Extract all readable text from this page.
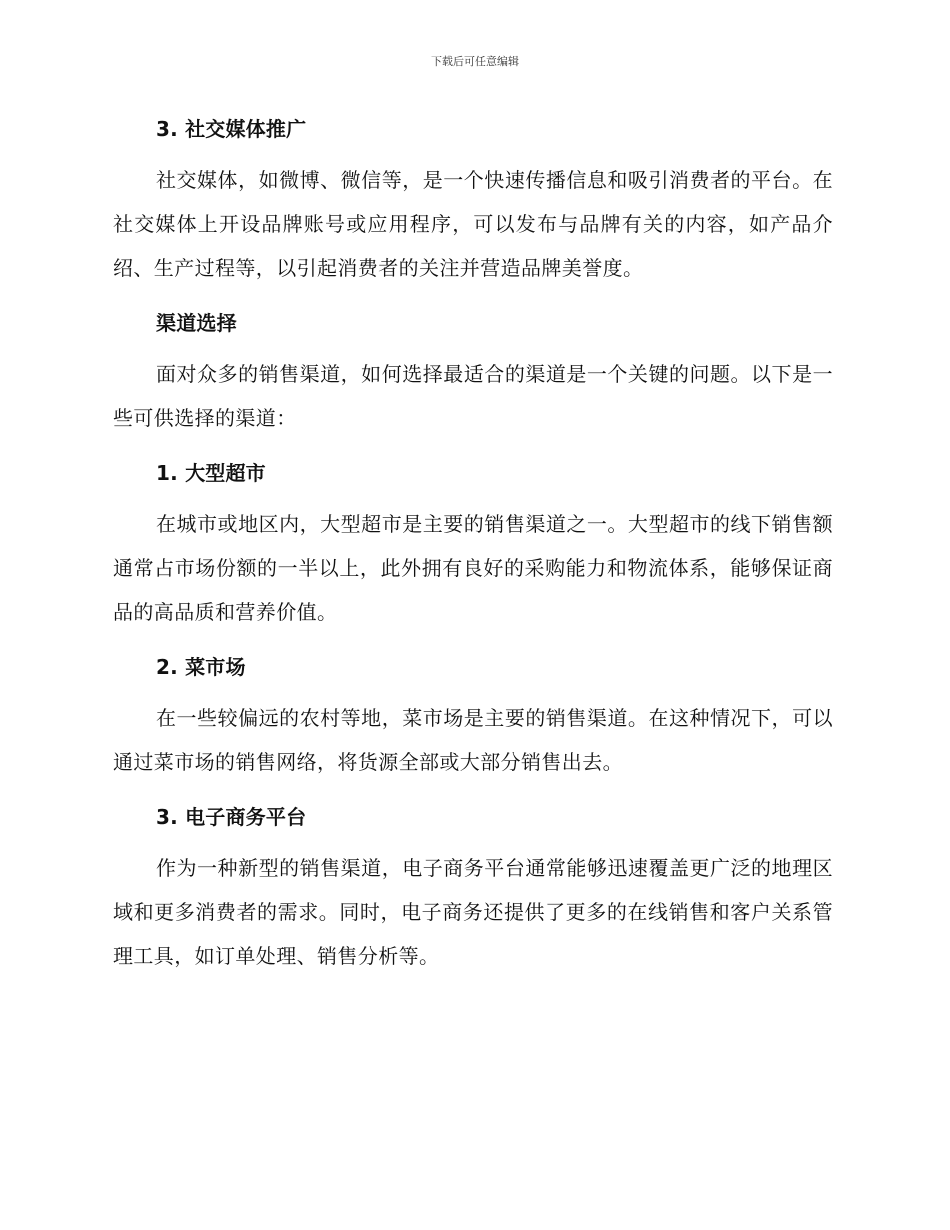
下载后可任意编辑
3. 社交媒体推广

社交媒体，如微博、微信等，是一个快速传播信息和吸引消费者的平台。在社交媒体上开设品牌账号或应用程序，可以发布与品牌有关的内容，如产品介绍、生产过程等，以引起消费者的关注并营造品牌美誉度。

渠道选择

面对众多的销售渠道，如何选择最适合的渠道是一个关键的问题。以下是一些可供选择的渠道：

1. 大型超市

在城市或地区内，大型超市是主要的销售渠道之一。大型超市的线下销售额通常占市场份额的一半以上，此外拥有良好的采购能力和物流体系，能够保证商品的高品质和营养价值。

2. 菜市场

在一些较偏远的农村等地，菜市场是主要的销售渠道。在这种情况下，可以通过菜市场的销售网络，将货源全部或大部分销售出去。

3. 电子商务平台

作为一种新型的销售渠道，电子商务平台通常能够迅速覆盖更广泛的地理区域和更多消费者的需求。同时，电子商务还提供了更多的在线销售和客户关系管理工具，如订单处理、销售分析等。
